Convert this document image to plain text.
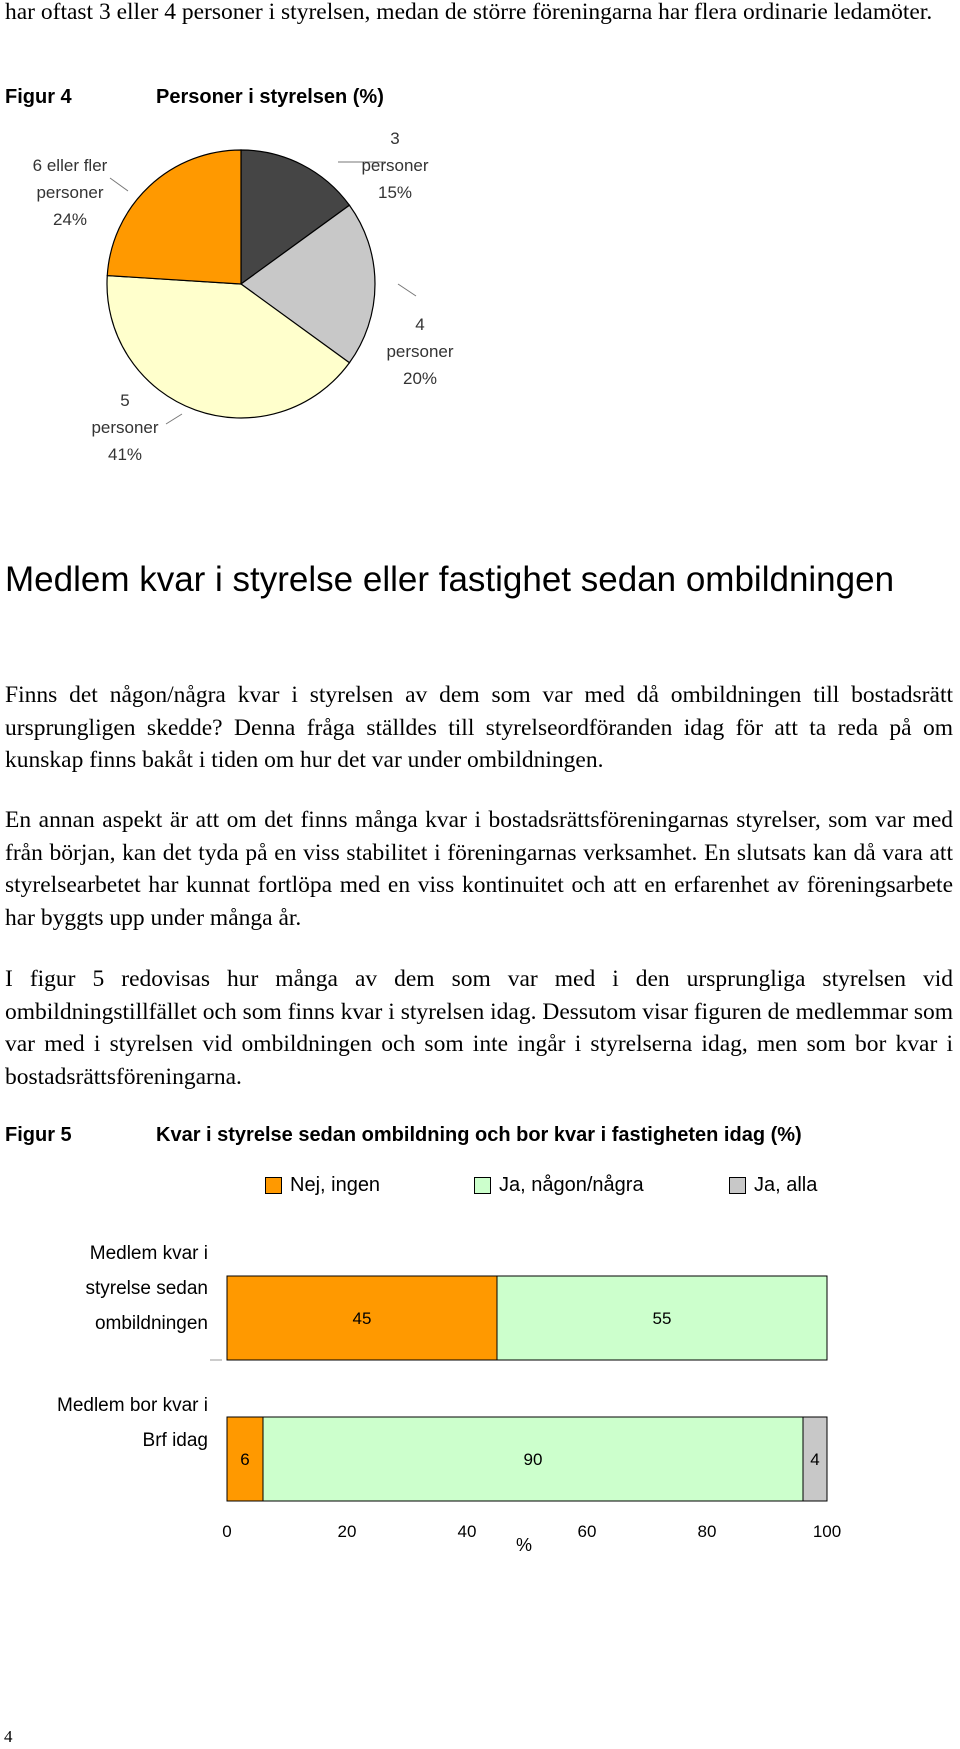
har oftast 3 eller 4 personer i styrelsen, medan de större föreningarna har flera ordinarie ledamöter.
Figur 4	Personer i styrelsen (%)
6 eller fler
personer
24%
3
personer
15%
4
personer
20%
5
personer
41%
Medlem kvar i styrelse eller fastighet sedan ombildningen
Finns det någon/några kvar i styrelsen av dem som var med då ombildningen till bostadsrätt ursprungligen skedde? Denna fråga ställdes till styrelseordföranden idag för att ta reda på om kunskap finns bakåt i tiden om hur det var under ombildningen.
En annan aspekt är att om det finns många kvar i bostadsrättsföreningarnas styrelser, som var med från början, kan det tyda på en viss stabilitet i föreningarnas verksamhet. En slutsats kan då vara att styrelsearbetet har kunnat fortlöpa med en viss kontinuitet och att en erfarenhet av föreningsarbete har byggts upp under många år.
I figur 5 redovisas hur många av dem som var med i den ursprungliga styrelsen vid ombildningstillfället och som finns kvar i styrelsen idag. Dessutom visar figuren de medlemmar som var med i styrelsen vid ombildningen och som inte ingår i styrelserna idag, men som bor kvar i bostadsrättsföreningarna.
Figur 5	Kvar i styrelse sedan ombildning och bor kvar i fastigheten idag (%)
Nej, ingen	Ja, någon/några	Ja, alla
Medlem kvar i
styrelse sedan
ombildningen
Medlem bor kvar i
Brf idag
45	55
6	90	4
0	20	40	60	80	100
%
4
